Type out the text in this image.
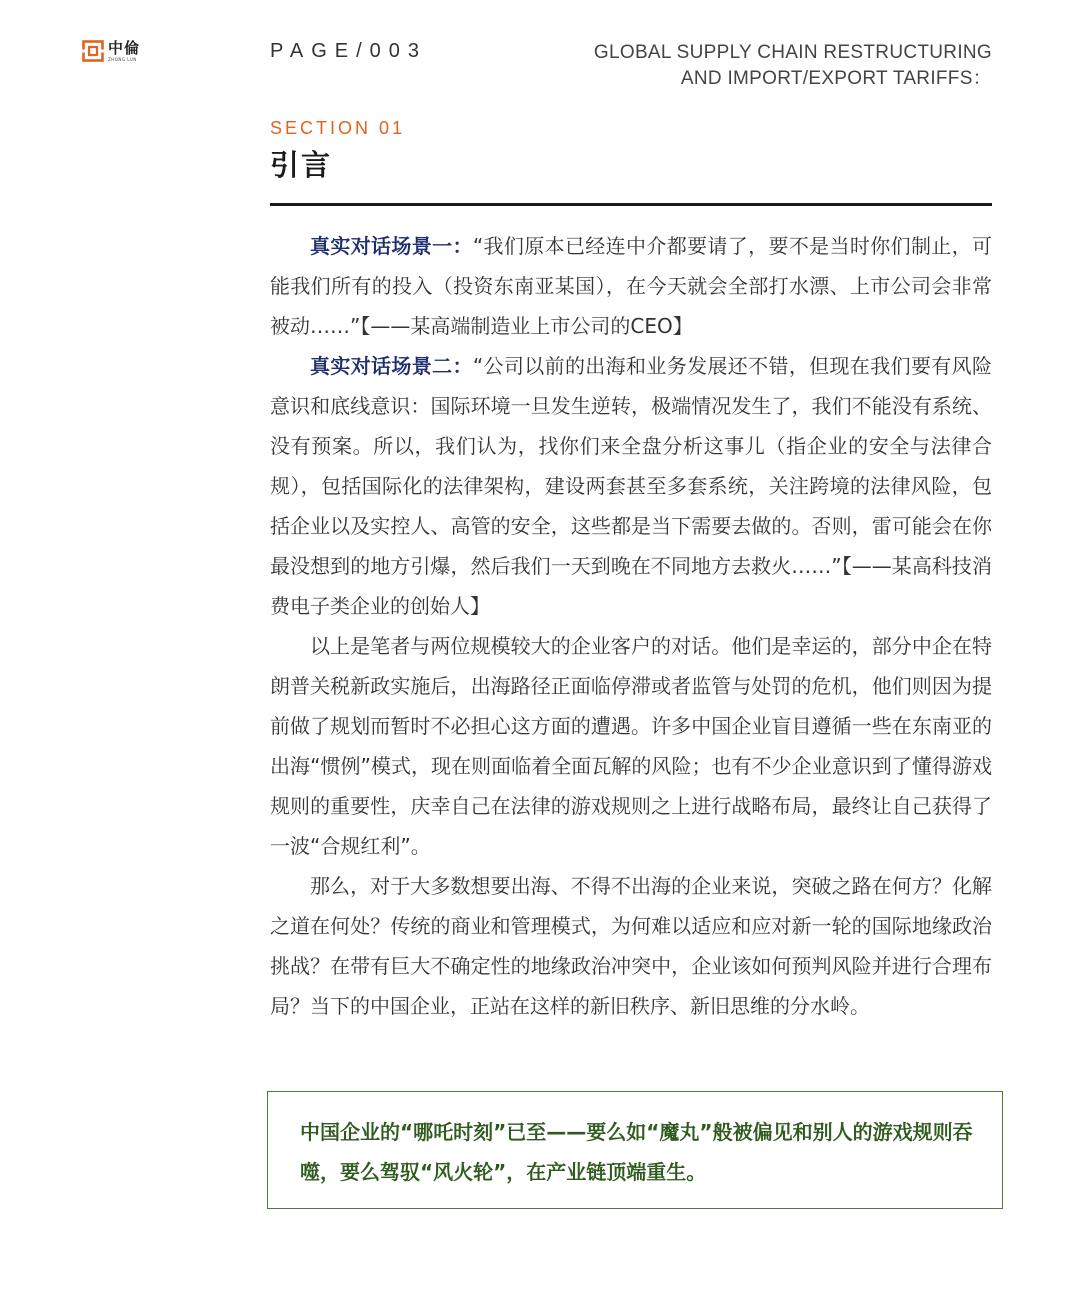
中倫
ZHONG LUN	PAGE/003	GLOBAL SUPPLY CHAIN RESTRUCTURING
AND IMPORT/EXPORT TARIFFS：
SECTION 01
引言

真实对话场景一：“我们原本已经连中介都要请了，要不是当时你们制止，可能我们所有的投入（投资东南亚某国），在今天就会全部打水漂、上市公司会非常被动……”【——某高端制造业上市公司的CEO】

真实对话场景二：“公司以前的出海和业务发展还不错，但现在我们要有风险意识和底线意识：国际环境一旦发生逆转，极端情况发生了，我们不能没有系统、没有预案。所以，我们认为，找你们来全盘分析这事儿（指企业的安全与法律合规），包括国际化的法律架构，建设两套甚至多套系统，关注跨境的法律风险，包括企业以及实控人、高管的安全，这些都是当下需要去做的。否则，雷可能会在你最没想到的地方引爆，然后我们一天到晚在不同地方去救火……”【——某高科技消费电子类企业的创始人】

以上是笔者与两位规模较大的企业客户的对话。他们是幸运的，部分中企在特朗普关税新政实施后，出海路径正面临停滞或者监管与处罚的危机，他们则因为提前做了规划而暂时不必担心这方面的遭遇。许多中国企业盲目遵循一些在东南亚的出海“惯例”模式，现在则面临着全面瓦解的风险；也有不少企业意识到了懂得游戏规则的重要性，庆幸自己在法律的游戏规则之上进行战略布局，最终让自己获得了一波“合规红利”。

那么，对于大多数想要出海、不得不出海的企业来说，突破之路在何方？化解之道在何处？传统的商业和管理模式，为何难以适应和应对新一轮的国际地缘政治挑战？在带有巨大不确定性的地缘政治冲突中，企业该如何预判风险并进行合理布局？当下的中国企业，正站在这样的新旧秩序、新旧思维的分水岭。

中国企业的“哪吒时刻”已至——要么如“魔丸”般被偏见和别人的游戏规则吞噬，要么驾驭“风火轮”，在产业链顶端重生。
